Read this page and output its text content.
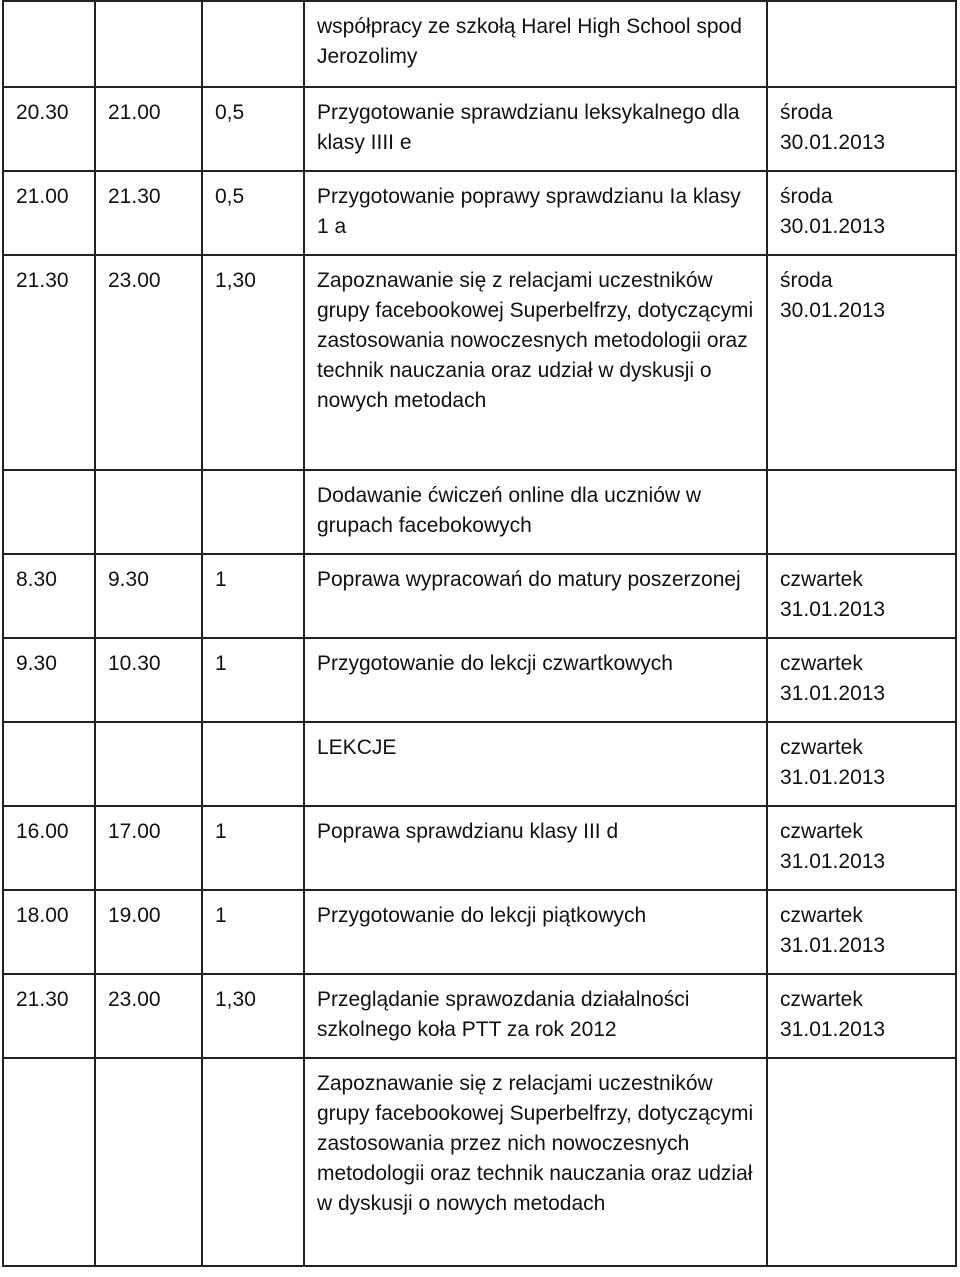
			współpracy ze szkołą Harel High School spod Jerozolimy	

20.30	21.00	0,5	Przygotowanie sprawdzianu leksykalnego dla klasy IIII e	środa
30.01.2013

21.00	21.30	0,5	Przygotowanie poprawy sprawdzianu Ia klasy 1 a	środa
30.01.2013

21.30	23.00	1,30	Zapoznawanie się z relacjami uczestników grupy facebookowej Superbelfrzy, dotyczącymi zastosowania nowoczesnych metodologii oraz technik nauczania oraz udział w dyskusji o nowych metodach	środa
30.01.2013

			Dodawanie ćwiczeń online dla uczniów w grupach facebokowych	

8.30	9.30	1	Poprawa wypracowań do matury poszerzonej	czwartek
31.01.2013

9.30	10.30	1	Przygotowanie do lekcji czwartkowych	czwartek
31.01.2013

			LEKCJE	czwartek
31.01.2013

16.00	17.00	1	Poprawa sprawdzianu klasy III d	czwartek
31.01.2013

18.00	19.00	1	Przygotowanie do lekcji piątkowych	czwartek
31.01.2013

21.30	23.00	1,30	Przeglądanie sprawozdania działalności szkolnego koła PTT za rok 2012	czwartek
31.01.2013

			Zapoznawanie się z relacjami uczestników grupy facebookowej Superbelfrzy, dotyczącymi zastosowania przez nich nowoczesnych metodologii oraz technik nauczania oraz udział w dyskusji o nowych metodach	
